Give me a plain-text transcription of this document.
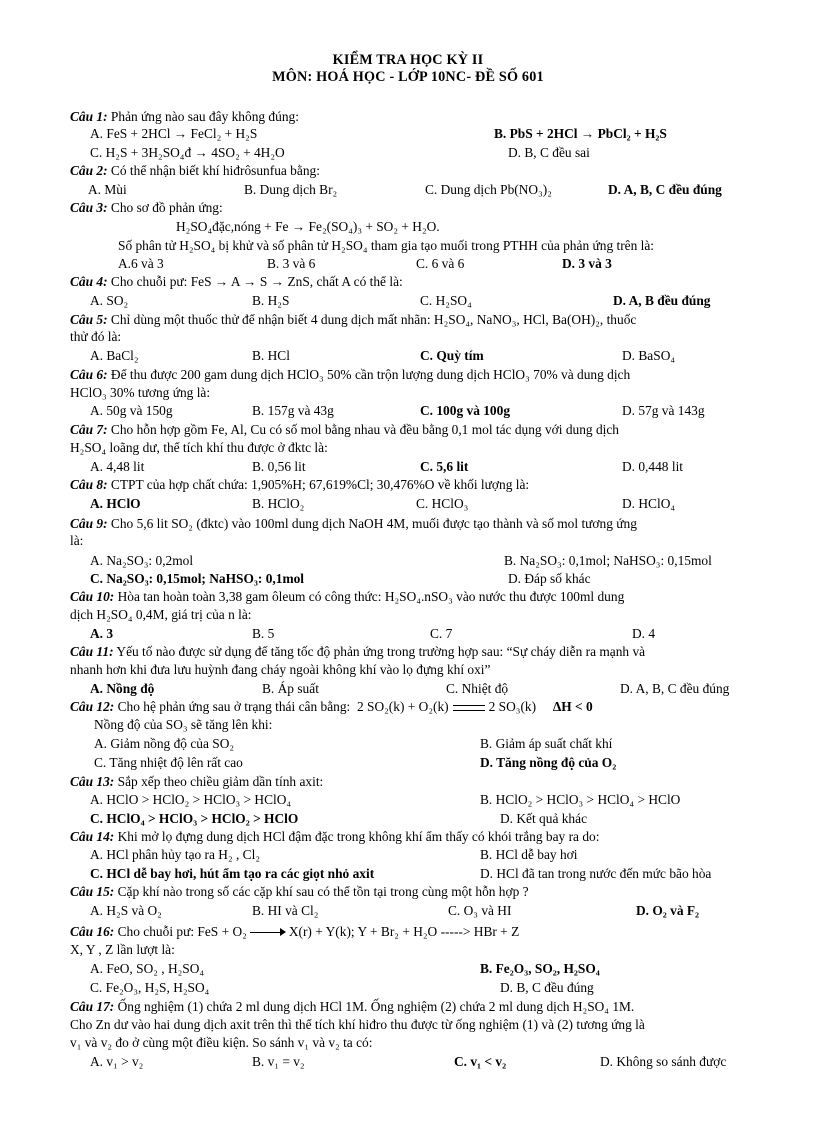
KIỂM TRA HỌC KỲ II
MÔN: HOÁ HỌC - LỚP 10NC- ĐỀ SỐ 601
Câu 1: Phản ứng nào sau đây không đúng:
A. FeS + 2HCl → FeCl₂ + H₂S	B. PbS + 2HCl → PbCl₂ + H₂S
C. H₂S + 3H₂SO₄đ → 4SO₂ + 4H₂O	D. B, C đều sai
Câu 2: Có thể nhận biết khí hiđrôsunfua bằng:
A. Mùi	B. Dung dịch Br₂	C. Dung dịch Pb(NO₃)₂	D. A, B, C đều đúng
Câu 3: Cho sơ đồ phản ứng:
H₂SO₄đặc,nóng + Fe → Fe₂(SO₄)₃ + SO₂ + H₂O.
Số phân tử H₂SO₄ bị khử và số phân tử H₂SO₄ tham gia tạo muối trong PTHH của phản ứng trên là:
A.6 và 3	B. 3 và 6	C. 6 và 6	D. 3 và 3
Câu 4: Cho chuỗi pư: FeS → A → S → ZnS, chất A có thể là:
A. SO₂	B. H₂S	C. H₂SO₄	D. A, B đều đúng
Câu 5: Chỉ dùng một thuốc thử để nhận biết 4 dung dịch mất nhãn: H₂SO₄, NaNO₃, HCl, Ba(OH)₂, thuốc
thử đó là:
A. BaCl₂	B. HCl	C. Quỳ tím	D. BaSO₄
Câu 6: Để thu được 200 gam dung dịch HClO₃ 50% cần trộn lượng dung dịch HClO₃ 70% và dung dịch
HClO₃ 30% tương ứng là:
A. 50g và 150g	B. 157g và 43g	C. 100g và 100g	D. 57g và 143g
Câu 7: Cho hỗn hợp gồm Fe, Al, Cu có số mol bằng nhau và đều bằng 0,1 mol tác dụng với dung dịch
H₂SO₄ loãng dư, thể tích khí thu được ở đktc là:
A. 4,48 lit	B. 0,56 lit	C. 5,6 lit	D. 0,448 lit
Câu 8: CTPT của hợp chất chứa: 1,905%H; 67,619%Cl; 30,476%O về khối lượng là:
A. HClO	B. HClO₂	C. HClO₃	D. HClO₄
Câu 9: Cho 5,6 lit SO₂ (đktc) vào 100ml dung dịch NaOH 4M, muối được tạo thành và số mol tương ứng
là:
A. Na₂SO₃: 0,2mol	B. Na₂SO₃: 0,1mol; NaHSO₃: 0,15mol
C. Na₂SO₃: 0,15mol; NaHSO₃: 0,1mol	D. Đáp số khác
Câu 10: Hòa tan hoàn toàn 3,38 gam ôleum có công thức: H₂SO₄.nSO₃ vào nước thu được 100ml dung
dịch H₂SO₄ 0,4M, giá trị của n là:
A. 3	B. 5	C. 7	D. 4
Câu 11: Yếu tố nào được sử dụng để tăng tốc độ phản ứng trong trường hợp sau: “Sự cháy diễn ra mạnh và
nhanh hơn khi đưa lưu huỳnh đang cháy ngoài không khí vào lọ đựng khí oxi”
A. Nồng độ	B. Áp suất	C. Nhiệt độ	D. A, B, C đều đúng
Câu 12: Cho hệ phản ứng sau ở trạng thái cân bằng: 2 SO₂(k) + O₂(k)	2 SO₃(k) ΔH < 0
Nồng độ của SO₃ sẽ tăng lên khi:
A. Giảm nồng độ của SO₂	B. Giảm áp suất chất khí
C. Tăng nhiệt độ lên rất cao	D. Tăng nồng độ của O₂
Câu 13: Sắp xếp theo chiều giảm dần tính axit:
A. HClO > HClO₂ > HClO₃ > HClO₄	B. HClO₂ > HClO₃ > HClO₄ > HClO
C. HClO₄ > HClO₃ > HClO₂ > HClO	D. Kết quả khác
Câu 14: Khi mở lọ đựng dung dịch HCl đậm đặc trong không khí ẩm thấy có khói trắng bay ra do:
A. HCl phân hủy tạo ra H₂ , Cl₂	B. HCl dễ bay hơi
C. HCl dễ bay hơi, hút ẩm tạo ra các giọt nhỏ axit	D. HCl đã tan trong nước đến mức bão hòa
Câu 15: Cặp khí nào trong số các cặp khí sau có thể tồn tại trong cùng một hỗn hợp ?
A. H₂S và O₂	B. HI và Cl₂	C. O₃ và HI	D. O₂ và F₂
Câu 16: Cho chuỗi pư: FeS + O₂	X(r) + Y(k); Y + Br₂ + H₂O -----> HBr + Z
X, Y , Z lần lượt là:
A. FeO, SO₂ , H₂SO₄	B. Fe₂O₃, SO₂, H₂SO₄
C. Fe₂O₃, H₂S, H₂SO₄	D. B, C đều đúng
Câu 17: Ống nghiệm (1) chứa 2 ml dung dịch HCl 1M. Ống nghiệm (2) chứa 2 ml dung dịch H₂SO₄ 1M.
Cho Zn dư vào hai dung dịch axit trên thì thể tích khí hiđro thu được từ ống nghiệm (1) và (2) tương ứng là
v₁ và v₂ đo ở cùng một điều kiện. So sánh v₁ và v₂ ta có:
A. v₁ > v₂	B. v₁ = v₂	C. v₁ < v₂	D. Không so sánh được
